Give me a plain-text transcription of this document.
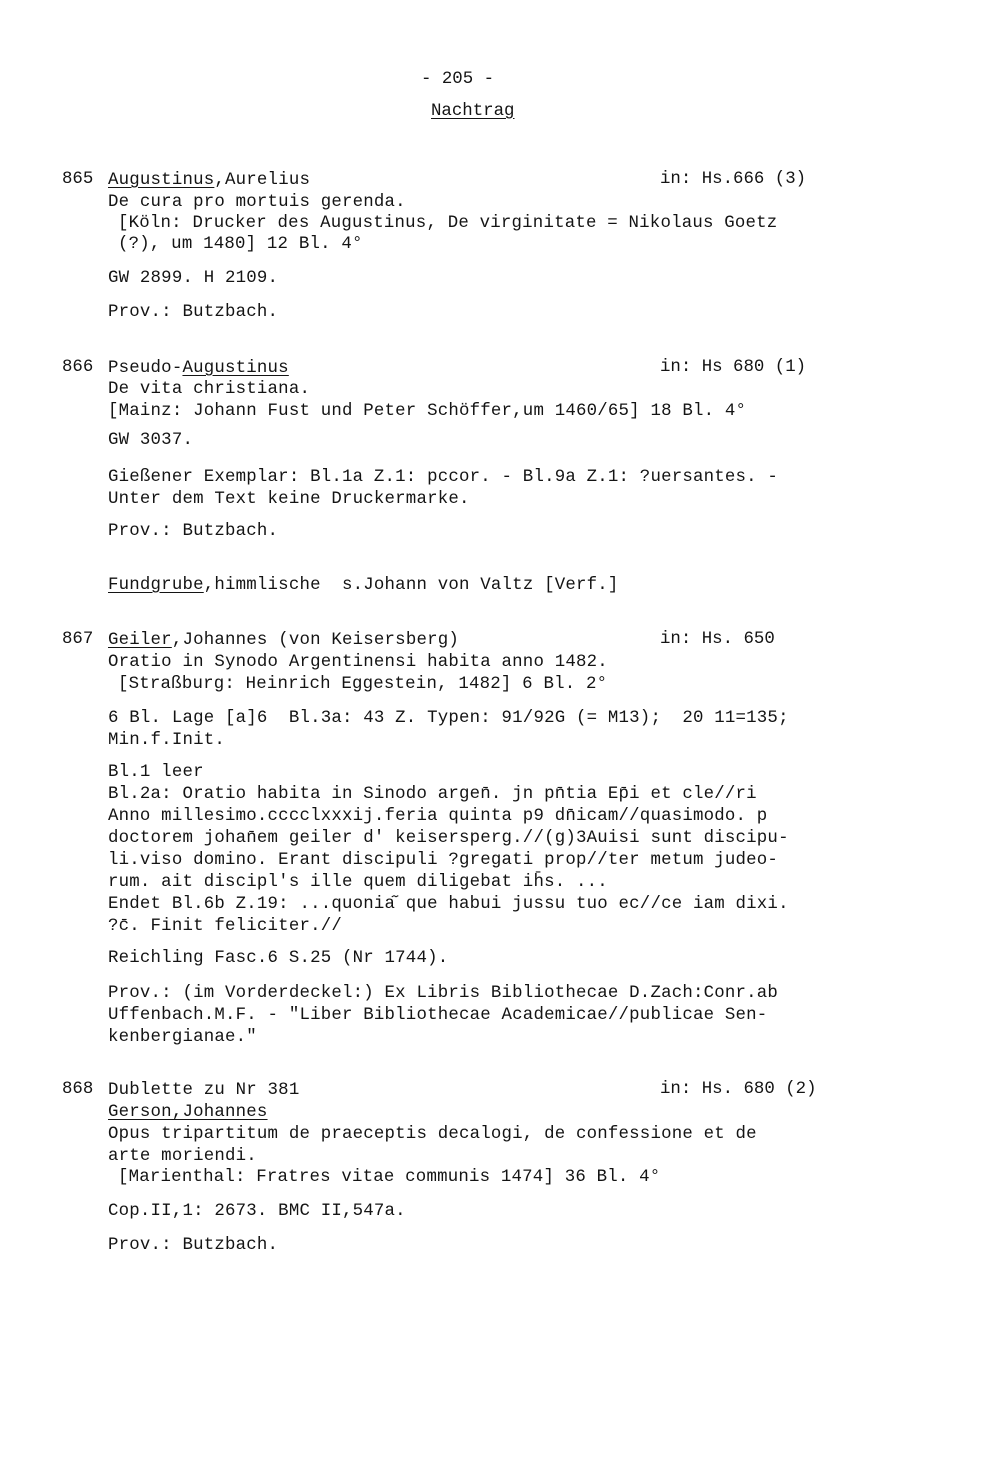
- 205 -
Nachtrag
865 Augustinus,Aurelius	in: Hs.666 (3)
De cura pro mortuis gerenda.
[Köln: Drucker des Augustinus, De virginitate = Nikolaus Goetz
(?), um 1480] 12 Bl. 4°
GW 2899. H 2109.
Prov.: Butzbach.
866 Pseudo-Augustinus	in: Hs 680 (1)
De vita christiana.
[Mainz: Johann Fust und Peter Schöffer,um 1460/65] 18 Bl. 4°
GW 3037.
Gießener Exemplar: Bl.1a Z.1: pccor. - Bl.9a Z.1: ?uersantes. -
Unter dem Text keine Druckermarke.
Prov.: Butzbach.
Fundgrube,himmlische  s.Johann von Valtz [Verf.]
867 Geiler,Johannes (von Keisersberg)	in: Hs. 650
Oratio in Synodo Argentinensi habita anno 1482.
[Straßburg: Heinrich Eggestein, 1482] 6 Bl. 2°
6 Bl. Lage [a]6  Bl.3a: 43 Z. Typen: 91/92G (= M13);  20 11=135;
Min.f.Init.
Bl.1 leer
Bl.2a: Oratio habita in Sinodo argen̄. jn pn̄tia Ep̄i et cle//ri
Anno millesimo.cccclxxxij.feria quinta p9 dn̄icam//quasimodo. p
doctorem johan̄em geiler d' keisersperg.//(g)3Auisi sunt discipu-
li.viso domino. Erant discipuli ?gregati prop//ter metum judeo-
rum. ait discipl's ille quem diligebat ih̄s. ...
Endet Bl.6b Z.19: ...quonia᷉ que habui jussu tuo ec//ce iam dixi.
?c̄. Finit feliciter.//
Reichling Fasc.6 S.25 (Nr 1744).
Prov.: (im Vorderdeckel:) Ex Libris Bibliothecae D.Zach:Conr.ab
Uffenbach.M.F. - "Liber Bibliothecae Academicae//publicae Sen-
kenbergianae."
868 Dublette zu Nr 381	in: Hs. 680 (2)
Gerson,Johannes
Opus tripartitum de praeceptis decalogi, de confessione et de
arte moriendi.
[Marienthal: Fratres vitae communis 1474] 36 Bl. 4°
Cop.II,1: 2673. BMC II,547a.
Prov.: Butzbach.
